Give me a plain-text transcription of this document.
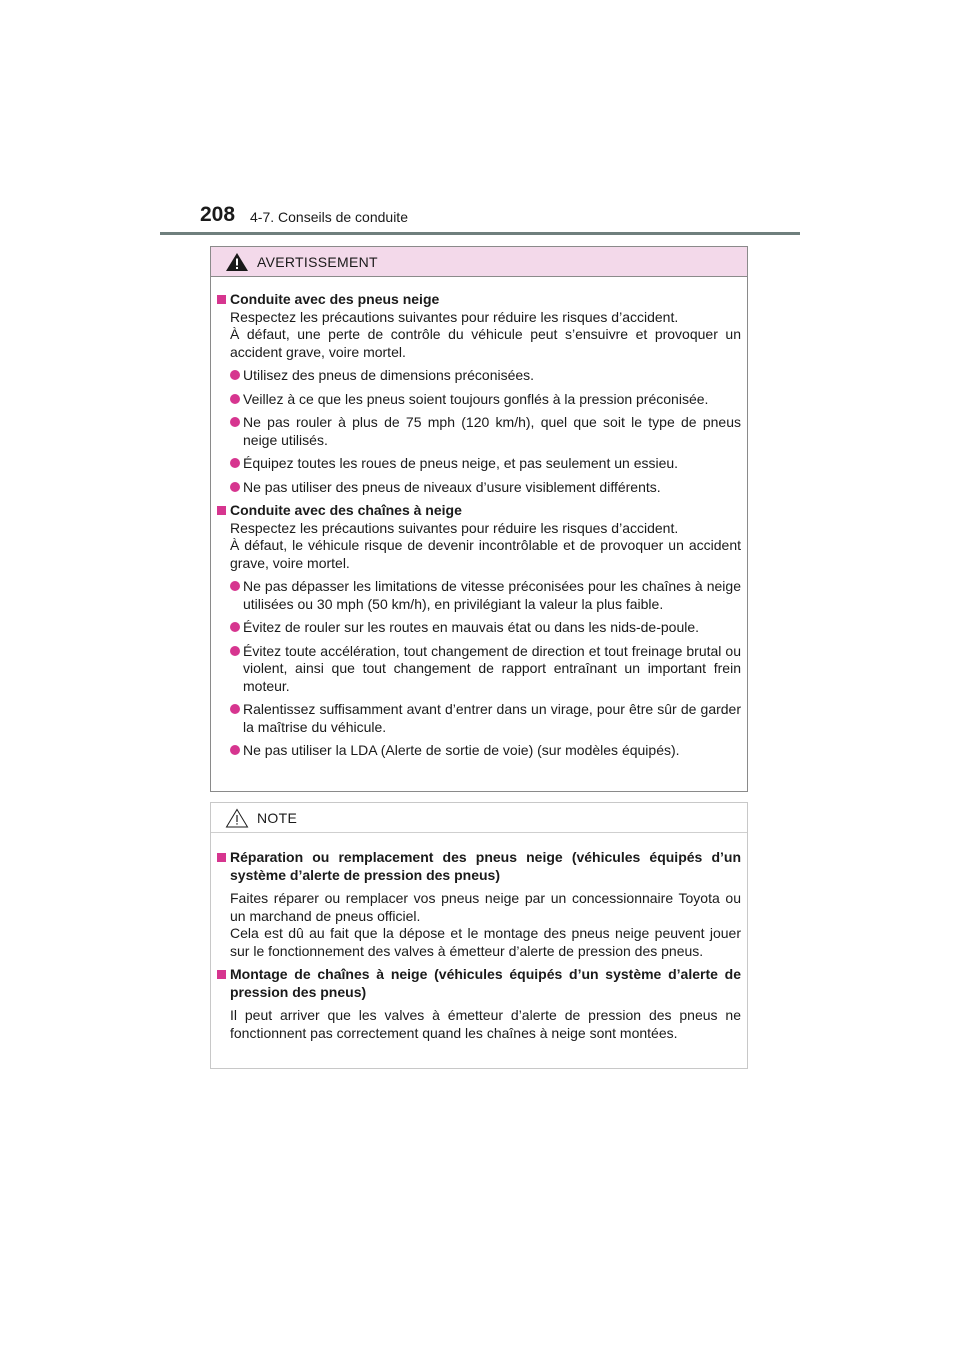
208 4-7. Conseils de conduite
AVERTISSEMENT
Conduite avec des pneus neige
Respectez les précautions suivantes pour réduire les risques d’accident.
À défaut, une perte de contrôle du véhicule peut s’ensuivre et provoquer un accident grave, voire mortel.
Utilisez des pneus de dimensions préconisées.
Veillez à ce que les pneus soient toujours gonflés à la pression préconisée.
Ne pas rouler à plus de 75 mph (120 km/h), quel que soit le type de pneus neige utilisés.
Équipez toutes les roues de pneus neige, et pas seulement un essieu.
Ne pas utiliser des pneus de niveaux d’usure visiblement différents.
Conduite avec des chaînes à neige
Respectez les précautions suivantes pour réduire les risques d’accident.
À défaut, le véhicule risque de devenir incontrôlable et de provoquer un accident grave, voire mortel.
Ne pas dépasser les limitations de vitesse préconisées pour les chaînes à neige utilisées ou 30 mph (50 km/h), en privilégiant la valeur la plus faible.
Évitez de rouler sur les routes en mauvais état ou dans les nids-de-poule.
Évitez toute accélération, tout changement de direction et tout freinage brutal ou violent, ainsi que tout changement de rapport entraînant un important frein moteur.
Ralentissez suffisamment avant d’entrer dans un virage, pour être sûr de garder la maîtrise du véhicule.
Ne pas utiliser la LDA (Alerte de sortie de voie) (sur modèles équipés).
NOTE
Réparation ou remplacement des pneus neige (véhicules équipés d’un système d’alerte de pression des pneus)
Faites réparer ou remplacer vos pneus neige par un concessionnaire Toyota ou un marchand de pneus officiel.
Cela est dû au fait que la dépose et le montage des pneus neige peuvent jouer sur le fonctionnement des valves à émetteur d’alerte de pression des pneus.
Montage de chaînes à neige (véhicules équipés d’un système d’alerte de pression des pneus)
Il peut arriver que les valves à émetteur d’alerte de pression des pneus ne fonctionnent pas correctement quand les chaînes à neige sont montées.
